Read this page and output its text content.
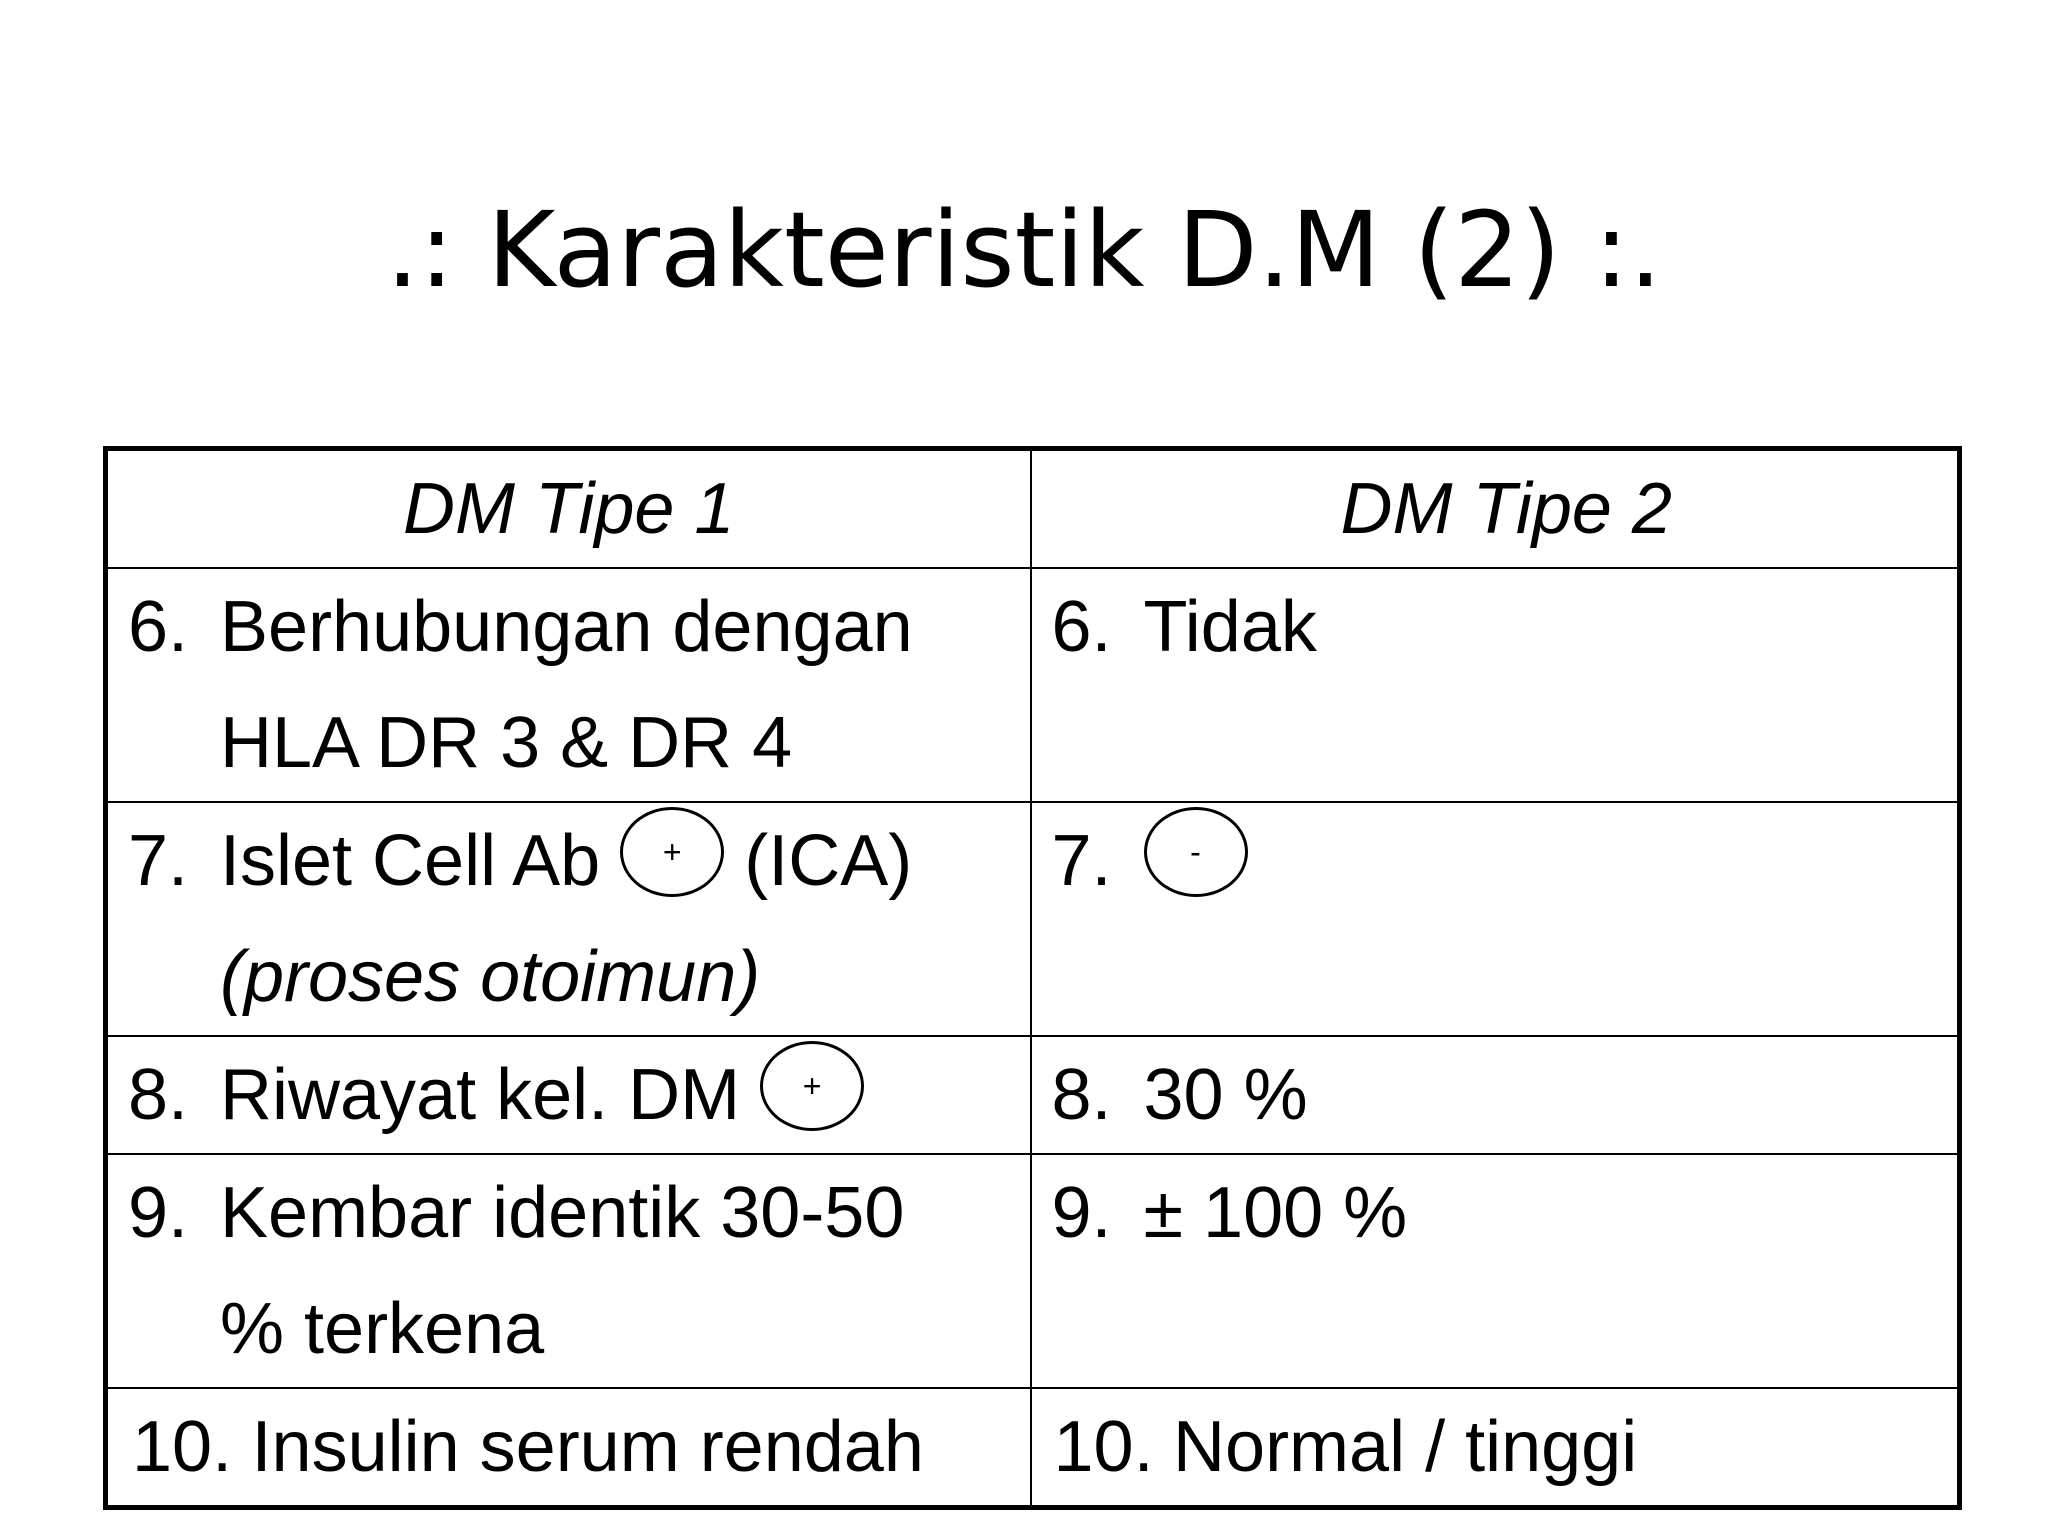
.: Karakteristik D.M (2) :.
DM Tipe 1	DM Tipe 2

6. Berhubungan dengan
HLA DR 3 & DR 4	6. Tidak

7. Islet Cell Ab + (ICA)
(proses otoimun)	7. -

8. Riwayat kel. DM +	8. 30 %

9. Kembar identik 30-50
% terkena	9. ± 100 %

10. Insulin serum rendah	10. Normal / tinggi
